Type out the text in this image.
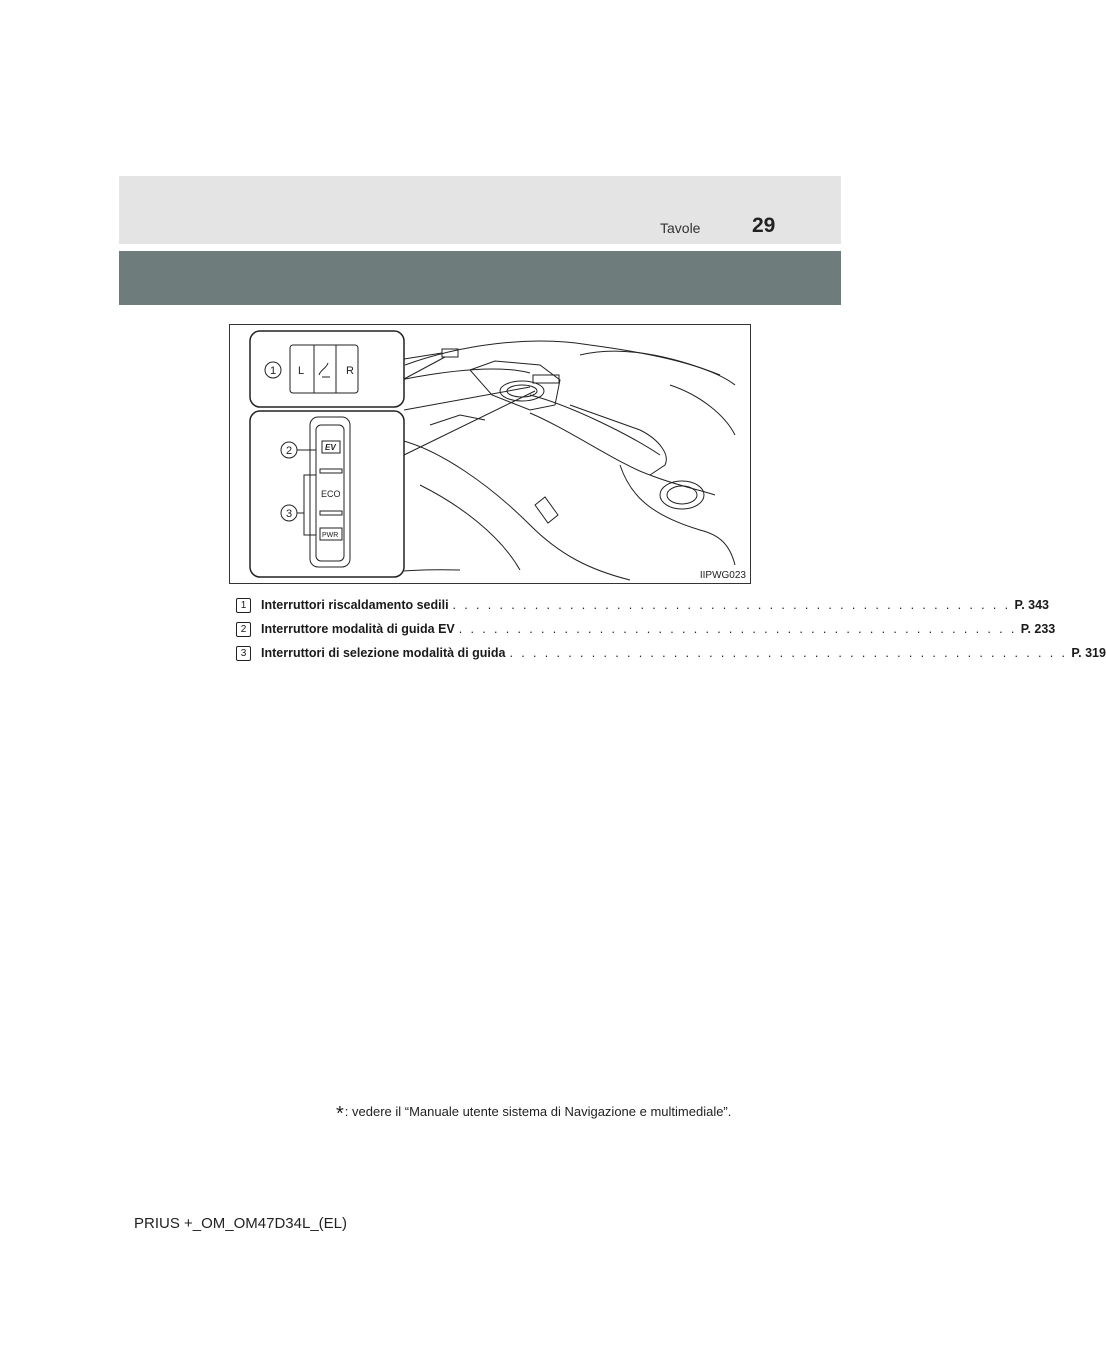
Tavole 29
L	R
1
EV
ECO
PWR
2
3
IIPWG023
1	Interruttori riscaldamento sedili . . . . . . . . . . . . . . . . . . . . . . . . . . . . . . . . . . . . . . . . . . . . . . . . P. 343
2	Interruttore modalità di guida EV . . . . . . . . . . . . . . . . . . . . . . . . . . . . . . . . . . . . . . . . . . . . . . . . P. 233
3	Interruttori di selezione modalità di guida . . . . . . . . . . . . . . . . . . . . . . . . . . . . . . . . . . . . . . . . . . . . . . . . P. 319
*: vedere il “Manuale utente sistema di Navigazione e multimediale”.
PRIUS +_OM_OM47D34L_(EL)
